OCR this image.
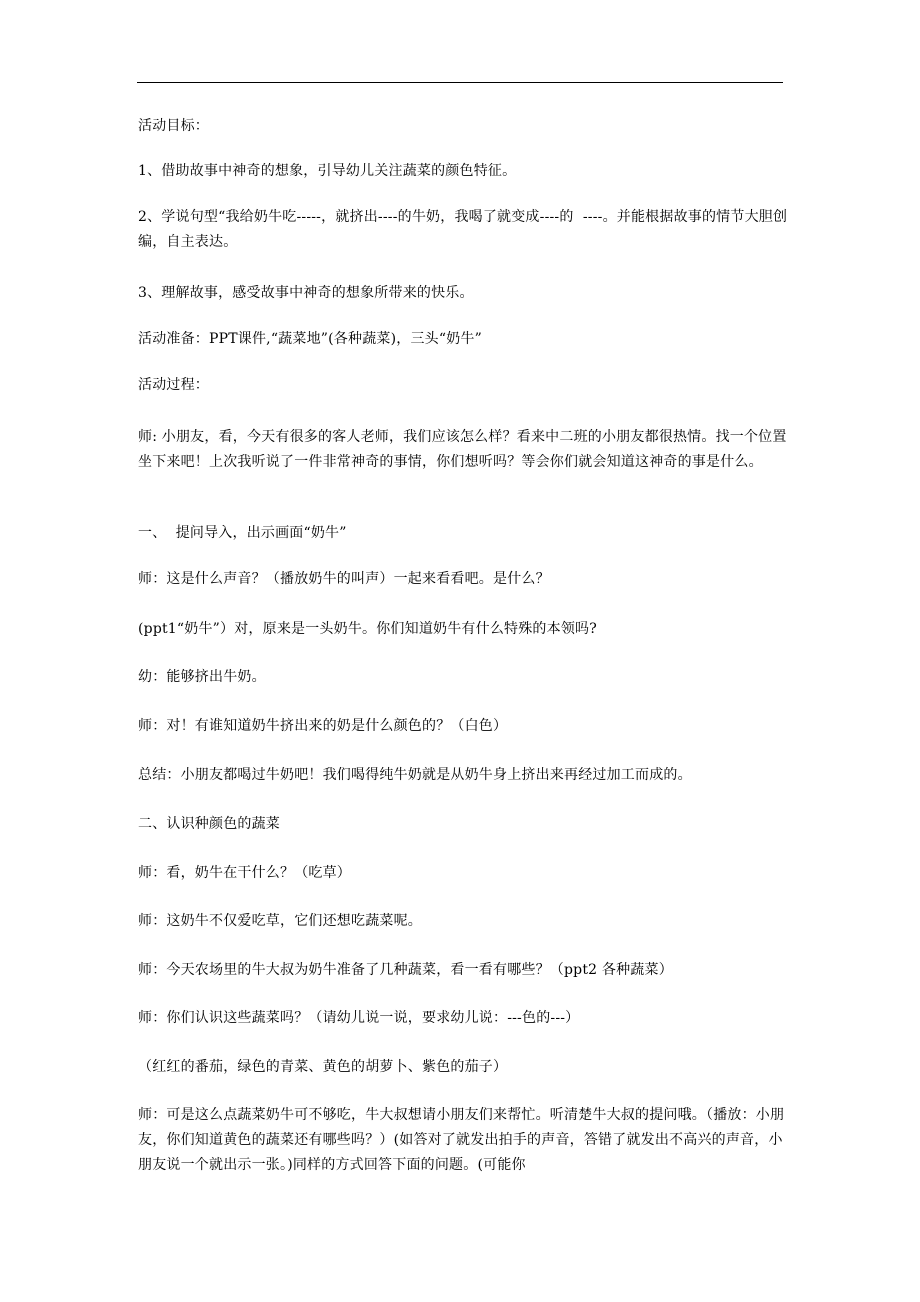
活动目标：
1、借助故事中神奇的想象，引导幼儿关注蔬菜的颜色特征。
2、学说句型“我给奶牛吃-----，就挤出----的牛奶，我喝了就变成----的  ----。并能根据故事的情节大胆创编，自主表达。
3、理解故事，感受故事中神奇的想象所带来的快乐。
活动准备：PPT课件,“蔬菜地”(各种蔬菜)，三头“奶牛”
活动过程：
师: 小朋友，看，今天有很多的客人老师，我们应该怎么样？看来中二班的小朋友都很热情。找一个位置坐下来吧！上次我听说了一件非常神奇的事情，你们想听吗？等会你们就会知道这神奇的事是什么。
一、  提问导入，出示画面“奶牛”
师：这是什么声音？（播放奶牛的叫声）一起来看看吧。是什么？
(ppt1“奶牛”）对，原来是一头奶牛。你们知道奶牛有什么特殊的本领吗?
幼：能够挤出牛奶。
师：对！有谁知道奶牛挤出来的奶是什么颜色的？（白色）
总结：小朋友都喝过牛奶吧！我们喝得纯牛奶就是从奶牛身上挤出来再经过加工而成的。
二、认识种颜色的蔬菜
师：看，奶牛在干什么？（吃草）
师：这奶牛不仅爱吃草，它们还想吃蔬菜呢。
师：今天农场里的牛大叔为奶牛准备了几种蔬菜，看一看有哪些？（ppt2 各种蔬菜）
师：你们认识这些蔬菜吗？（请幼儿说一说，要求幼儿说：---色的---）
（红红的番茄，绿色的青菜、黄色的胡萝卜、紫色的茄子）
师：可是这么点蔬菜奶牛可不够吃，牛大叔想请小朋友们来帮忙。听清楚牛大叔的提问哦。（播放：小朋友，你们知道黄色的蔬菜还有哪些吗？）(如答对了就发出拍手的声音，答错了就发出不高兴的声音，小朋友说一个就出示一张。)同样的方式回答下面的问题。(可能你
